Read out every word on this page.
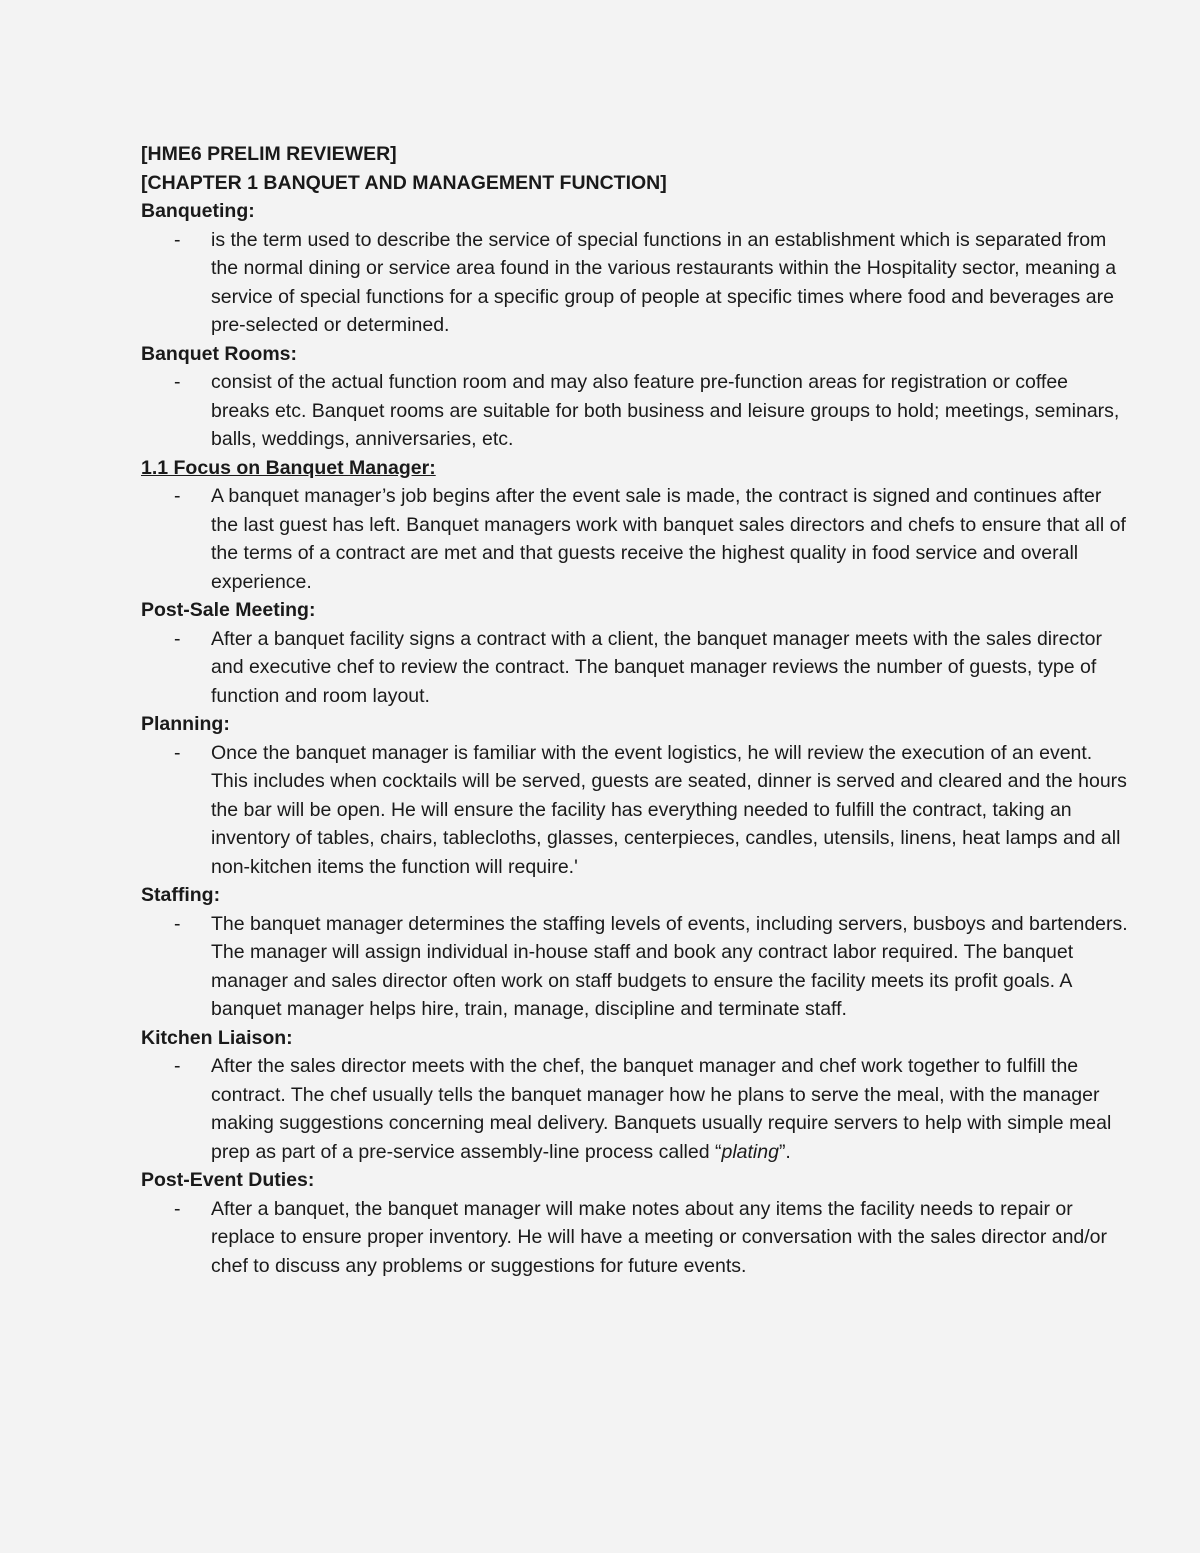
[HME6 PRELIM REVIEWER]

[CHAPTER 1 BANQUET AND MANAGEMENT FUNCTION]

Banqueting:

- is the term used to describe the service of special functions in an establishment which is separated from the normal dining or service area found in the various restaurants within the Hospitality sector, meaning a service of special functions for a specific group of people at specific times where food and beverages are pre-selected or determined.

Banquet Rooms:

- consist of the actual function room and may also feature pre-function areas for registration or coffee breaks etc. Banquet rooms are suitable for both business and leisure groups to hold; meetings, seminars, balls, weddings, anniversaries, etc.

1.1 Focus on Banquet Manager:

- A banquet manager’s job begins after the event sale is made, the contract is signed and continues after the last guest has left. Banquet managers work with banquet sales directors and chefs to ensure that all of the terms of a contract are met and that guests receive the highest quality in food service and overall experience.

Post-Sale Meeting:

- After a banquet facility signs a contract with a client, the banquet manager meets with the sales director and executive chef to review the contract. The banquet manager reviews the number of guests, type of function and room layout.

Planning:

- Once the banquet manager is familiar with the event logistics, he will review the execution of an event. This includes when cocktails will be served, guests are seated, dinner is served and cleared and the hours the bar will be open. He will ensure the facility has everything needed to fulfill the contract, taking an inventory of tables, chairs, tablecloths, glasses, centerpieces, candles, utensils, linens, heat lamps and all non-kitchen items the function will require.'

Staffing:

- The banquet manager determines the staffing levels of events, including servers, busboys and bartenders. The manager will assign individual in-house staff and book any contract labor required. The banquet manager and sales director often work on staff budgets to ensure the facility meets its profit goals. A banquet manager helps hire, train, manage, discipline and terminate staff.

Kitchen Liaison:

- After the sales director meets with the chef, the banquet manager and chef work together to fulfill the contract. The chef usually tells the banquet manager how he plans to serve the meal, with the manager making suggestions concerning meal delivery. Banquets usually require servers to help with simple meal prep as part of a pre-service assembly-line process called “plating”.

Post-Event Duties:

- After a banquet, the banquet manager will make notes about any items the facility needs to repair or replace to ensure proper inventory. He will have a meeting or conversation with the sales director and/or chef to discuss any problems or suggestions for future events.
